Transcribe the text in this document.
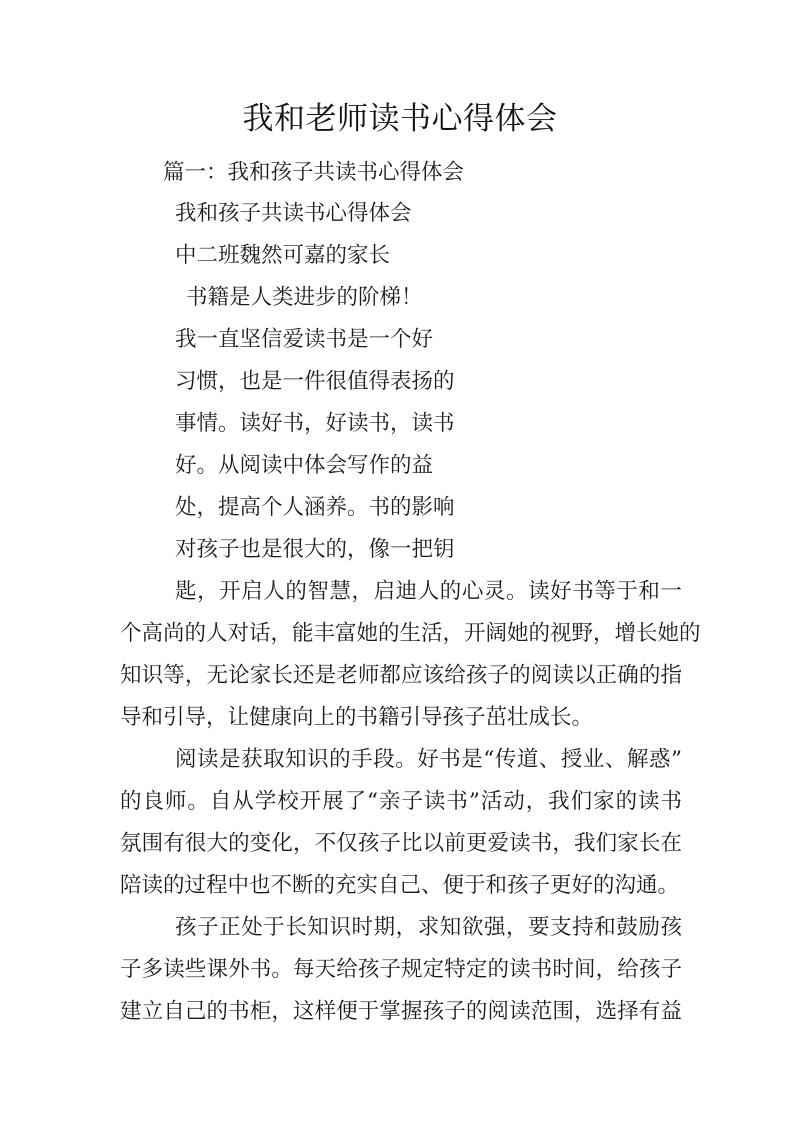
我和老师读书心得体会
篇一：我和孩子共读书心得体会
我和孩子共读书心得体会
中二班魏然可嘉的家长
书籍是人类进步的阶梯！
我一直坚信爱读书是一个好
习惯，也是一件很值得表扬的
事情。读好书，好读书，读书
好。从阅读中体会写作的益
处，提高个人涵养。书的影响
对孩子也是很大的，像一把钥
匙，开启人的智慧，启迪人的心灵。读好书等于和一
个高尚的人对话，能丰富她的生活，开阔她的视野，增长她的
知识等，无论家长还是老师都应该给孩子的阅读以正确的指
导和引导，让健康向上的书籍引导孩子茁壮成长。
阅读是获取知识的手段。好书是“传道、授业、解惑”
的良师。自从学校开展了“亲子读书”活动，我们家的读书
氛围有很大的变化，不仅孩子比以前更爱读书，我们家长在
陪读的过程中也不断的充实自己、便于和孩子更好的沟通。
孩子正处于长知识时期，求知欲强，要支持和鼓励孩
子多读些课外书。每天给孩子规定特定的读书时间，给孩子
建立自己的书柜，这样便于掌握孩子的阅读范围，选择有益
